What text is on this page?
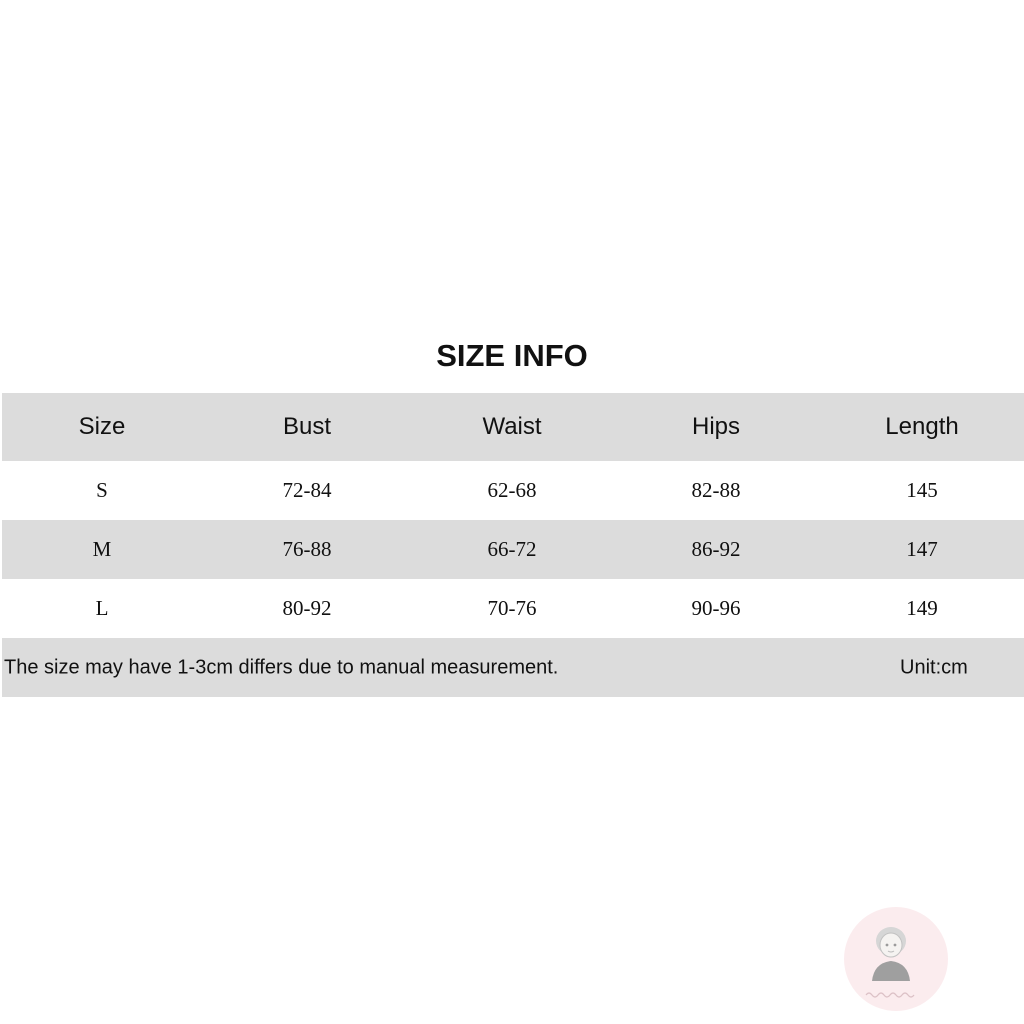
SIZE INFO
Size	Bust	Waist	Hips	Length
S	72-84	62-68	82-88	145
M	76-88	66-72	86-92	147
L	80-92	70-76	90-96	149
The size may have 1-3cm differs due to manual measurement.	Unit:cm
